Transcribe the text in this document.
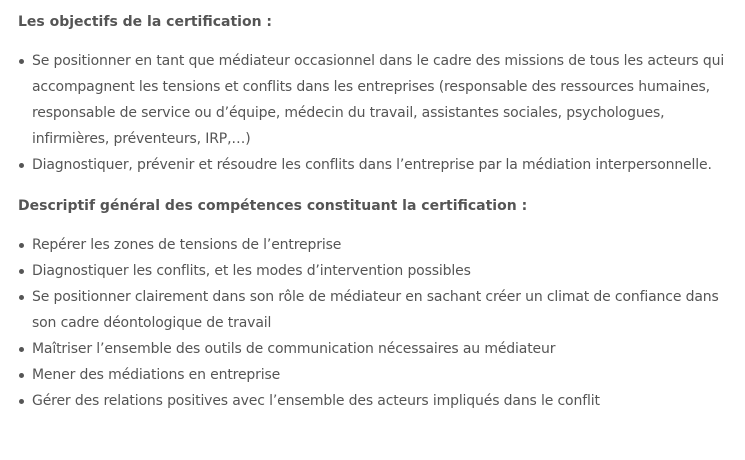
Les objectifs de la certification :
Se positionner en tant que médiateur occasionnel dans le cadre des missions de tous les acteurs qui accompagnent les tensions et conflits dans les entreprises (responsable des ressources humaines, responsable de service ou d’équipe, médecin du travail, assistantes sociales, psychologues, infirmières, préventeurs, IRP,…)
Diagnostiquer, prévenir et résoudre les conflits dans l’entreprise par la médiation interpersonnelle.
Descriptif général des compétences constituant la certification :
Repérer les zones de tensions de l’entreprise
Diagnostiquer les conflits, et les modes d’intervention possibles
Se positionner clairement dans son rôle de médiateur en sachant créer un climat de confiance dans son cadre déontologique de travail
Maîtriser l’ensemble des outils de communication nécessaires au médiateur
Mener des médiations en entreprise
Gérer des relations positives avec l’ensemble des acteurs impliqués dans le conflit
